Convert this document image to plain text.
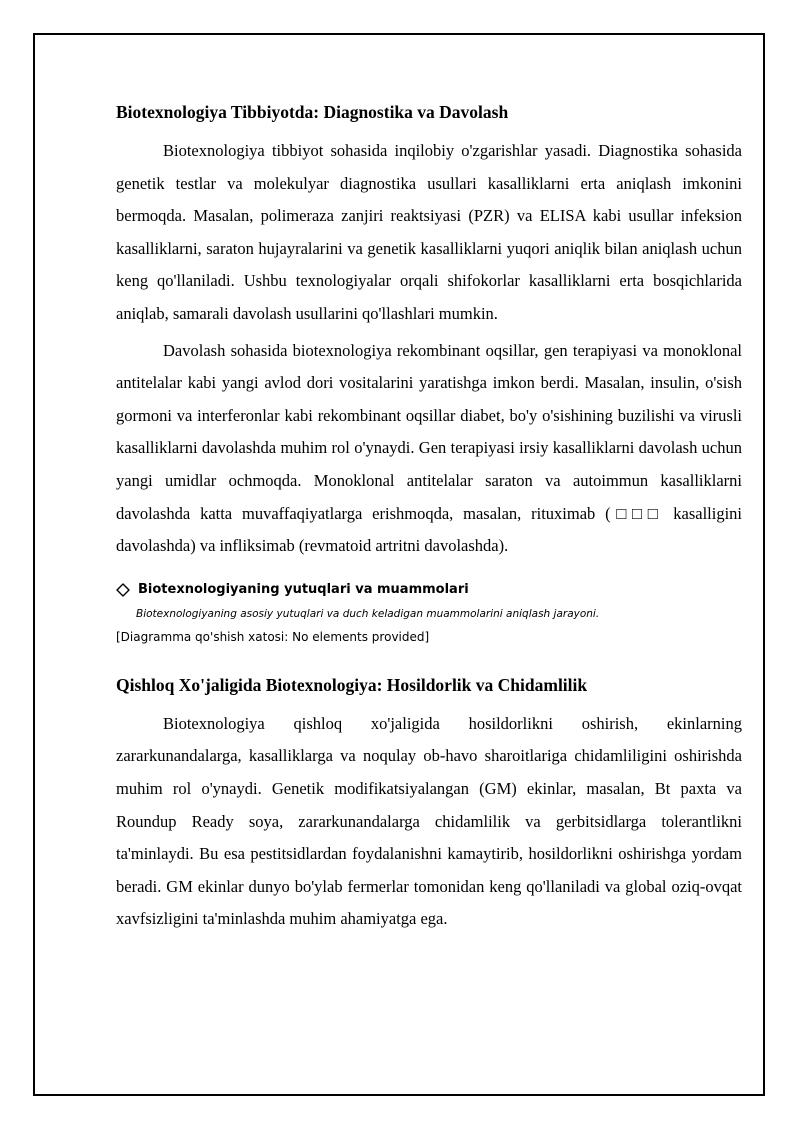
Biotexnologiya Tibbiyotda: Diagnostika va Davolash

Biotexnologiya tibbiyot sohasida inqilobiy o'zgarishlar yasadi. Diagnostika sohasida genetik testlar va molekulyar diagnostika usullari kasalliklarni erta aniqlash imkonini bermoqda. Masalan, polimeraza zanjiri reaktsiyasi (PZR) va ELISA kabi usullar infeksion kasalliklarni, saraton hujayralarini va genetik kasalliklarni yuqori aniqlik bilan aniqlash uchun keng qo'llaniladi. Ushbu texnologiyalar orqali shifokorlar kasalliklarni erta bosqichlarida aniqlab, samarali davolash usullarini qo'llashlari mumkin.

Davolash sohasida biotexnologiya rekombinant oqsillar, gen terapiyasi va monoklonal antitelalar kabi yangi avlod dori vositalarini yaratishga imkon berdi. Masalan, insulin, o'sish gormoni va interferonlar kabi rekombinant oqsillar diabet, bo'y o'sishining buzilishi va virusli kasalliklarni davolashda muhim rol o'ynaydi. Gen terapiyasi irsiy kasalliklarni davolash uchun yangi umidlar ochmoqda. Monoklonal antitelalar saraton va autoimmun kasalliklarni davolashda katta muvaffaqiyatlarga erishmoqda, masalan, rituximab (□□□ kasalligini davolashda) va infliksimab (revmatoid artritni davolashda).

Biotexnologiyaning yutuqlari va muammolari
Biotexnologiyaning asosiy yutuqlari va duch keladigan muammolarini aniqlash jarayoni.
[Diagramma qo'shish xatosi: No elements provided]
Qishloq Xo'jaligida Biotexnologiya: Hosildorlik va Chidamlilik

Biotexnologiya qishloq xo'jaligida hosildorlikni oshirish, ekinlarning zararkunandalarga, kasalliklarga va noqulay ob-havo sharoitlariga chidamliligini oshirishda muhim rol o'ynaydi. Genetik modifikatsiyalangan (GM) ekinlar, masalan, Bt paxta va Roundup Ready soya, zararkunandalarga chidamlilik va gerbitsidlarga tolerantlikni ta'minlaydi. Bu esa pestitsidlardan foydalanishni kamaytirib, hosildorlikni oshirishga yordam beradi. GM ekinlar dunyo bo'ylab fermerlar tomonidan keng qo'llaniladi va global oziq-ovqat xavfsizligini ta'minlashda muhim ahamiyatga ega.
